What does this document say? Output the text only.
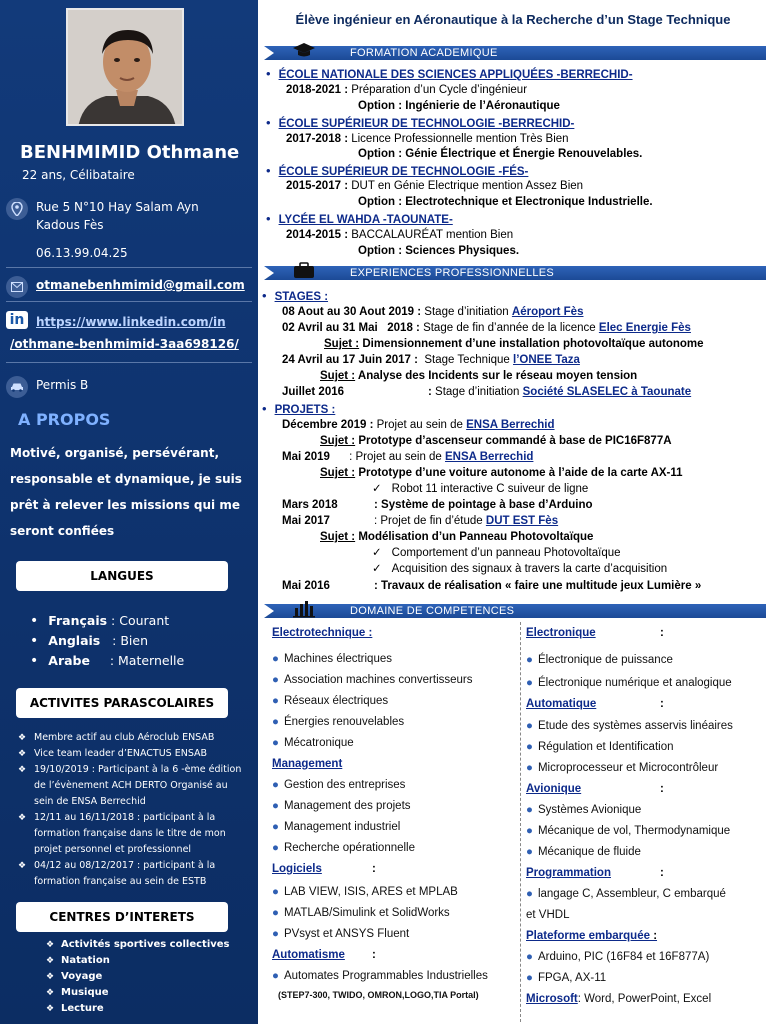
BENHMIMID Othmane
22 ans, Célibataire
Rue 5 N°10 Hay Salam Ayn
Kadous Fès
06.13.99.04.25
otmanebenhmimid@gmail.com
in https://www.linkedin.com/in
/othmane-benhmimid-3aa698126/
Permis B
A PROPOS
Motivé, organisé, persévérant, responsable et dynamique, je suis prêt à relever les missions qui me seront confiées
LANGUES
• Français : Courant
• Anglais   : Bien
• Arabe     : Maternelle
ACTIVITES PARASCOLAIRES
❖ Membre actif au club Aéroclub ENSAB
❖ Vice team leader d’ENACTUS ENSAB
❖ 19/10/2019 : Participant à la 6 -ème édition de l’évènement ACH DERTO Organisé au sein de ENSA Berrechid
❖ 12/11 au 16/11/2018 : participant à la formation française dans le titre de mon projet personnel et professionnel
❖ 04/12 au 08/12/2017 : participant à la formation française au sein de ESTB
CENTRES D’INTERETS
❖ Activités sportives collectives
❖ Natation
❖ Voyage
❖ Musique
❖ Lecture
Élève ingénieur en Aéronautique à la Recherche d’un Stage Technique
FORMATION ACADEMIQUE
• ÉCOLE NATIONALE DES SCIENCES APPLIQUÉES -BERRECHID-
2018-2021 : Préparation d’un Cycle d’ingénieur
Option : Ingénierie de l’Aéronautique
• ÉCOLE SUPÉRIEUR DE TECHNOLOGIE -BERRECHID-
2017-2018 : Licence Professionnelle mention Très Bien
Option : Génie Électrique et Énergie Renouvelables.
• ÉCOLE SUPÉRIEUR DE TECHNOLOGIE -FÉS-
2015-2017 : DUT en Génie Electrique mention Assez Bien
Option : Electrotechnique et Electronique Industrielle.
• LYCÉE EL WAHDA -TAOUNATE-
2014-2015 : BACCALAURÉAT mention Bien
Option : Sciences Physiques.
EXPERIENCES PROFESSIONNELLES
• STAGES :
08 Aout au 30 Aout 2019 : Stage d’initiation Aéroport Fès
02 Avril au 31 Mai   2018 : Stage de fin d’année de la licence Elec Energie Fès
Sujet : Dimensionnement d’une installation photovoltaïque autonome
24 Avril au 17 Juin 2017 :  Stage Technique l’ONEE Taza
Sujet : Analyse des Incidents sur le réseau moyen tension
Juillet 2016	: Stage d’initiation Société SLASELEC à Taounate
• PROJETS :
Décembre 2019 : Projet au sein de ENSA Berrechid
Sujet : Prototype d’ascenseur commandé à base de PIC16F877A
Mai 2019      : Projet au sein de ENSA Berrechid
Sujet : Prototype d’une voiture autonome à l’aide de la carte AX-11
✓ Robot 11 interactive C suiveur de ligne
Mars 2018	: Système de pointage à base d’Arduino
Mai 2017	: Projet de fin d’étude DUT EST Fès
Sujet : Modélisation d’un Panneau Photovoltaïque
✓ Comportement d’un panneau Photovoltaïque
✓ Acquisition des signaux à travers la carte d’acquisition
Mai 2016	: Travaux de réalisation « faire une multitude jeux Lumière »
DOMAINE DE COMPETENCES
Electrotechnique :
● Machines électriques
● Association machines convertisseurs
● Réseaux électriques
● Énergies renouvelables
● Mécatronique
Management
● Gestion des entreprises
● Management des projets
● Management industriel
● Recherche opérationnelle
Logiciels	:
● LAB VIEW, ISIS, ARES et MPLAB
● MATLAB/Simulink et SolidWorks
● PVsyst et ANSYS Fluent
Automatisme :
● Automates Programmables Industrielles
(STEP7-300, TWIDO, OMRON,LOGO,TIA Portal)
Electronique	:
● Électronique de puissance
● Électronique numérique et analogique
Automatique	:
● Etude des systèmes asservis linéaires
● Régulation et Identification
● Microprocesseur et Microcontrôleur
Avionique	:
● Systèmes Avionique
● Mécanique de vol, Thermodynamique
● Mécanique de fluide
Programmation	:
● langage C, Assembleur, C embarqué
et VHDL
Plateforme embarquée :
● Arduino, PIC (16F84 et 16F877A)
● FPGA, AX-11
Microsoft: Word, PowerPoint, Excel
